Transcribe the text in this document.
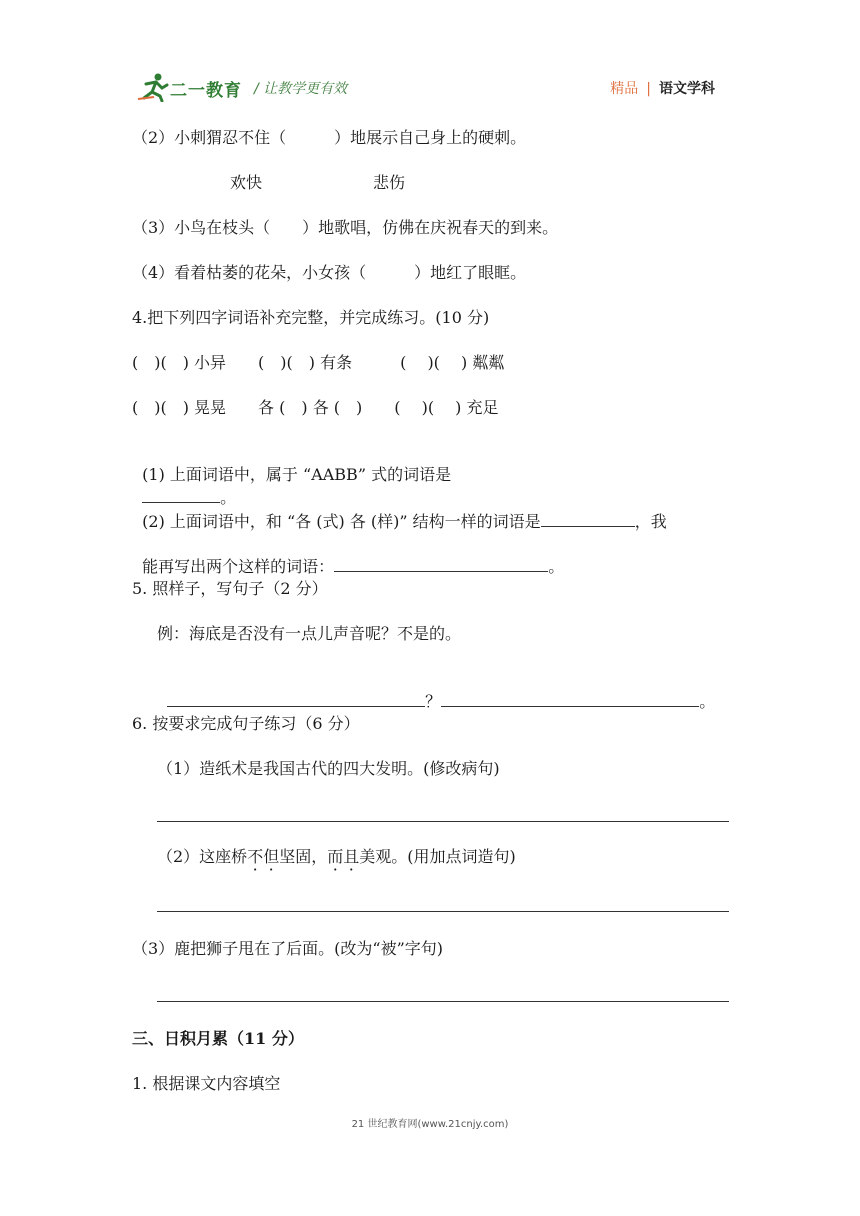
二一教育 / 让教学更有效	精品 | 语文学科
（2）小刺猬忍不住（　　　）地展示自己身上的硬刺。
欢快	悲伤
（3）小鸟在枝头（　　）地歌唱，仿佛在庆祝春天的到来。
（4）看着枯萎的花朵，小女孩（　　　）地红了眼眶。
4.把下列四字词语补充完整，并完成练习。(10 分)
(　)(　) 小异　　(　)(　) 有条　　　(　 )(　 ) 粼粼
(　)(　) 晃晃　　各 (　) 各 (　)　　(　 )(　 ) 充足

(1) 上面词语中，属于 “AABB” 式的词语是
。

(2) 上面词语中，和 “各 (式) 各 (样)” 结构一样的词语是	，我

能再写出两个这样的词语：	。

5. 照样子，写句子（2 分）
例：海底是否没有一点儿声音呢？不是的。

？	。

6. 按要求完成句子练习（6 分）
（1）造纸术是我国古代的四大发明。(修改病句)
（2）这座桥不但坚固，而且美观。(用加点词造句)
（3）鹿把狮子甩在了后面。(改为“被”字句)
三、日积月累（11 分）
1. 根据课文内容填空
21 世纪教育网(www.21cnjy.com)
